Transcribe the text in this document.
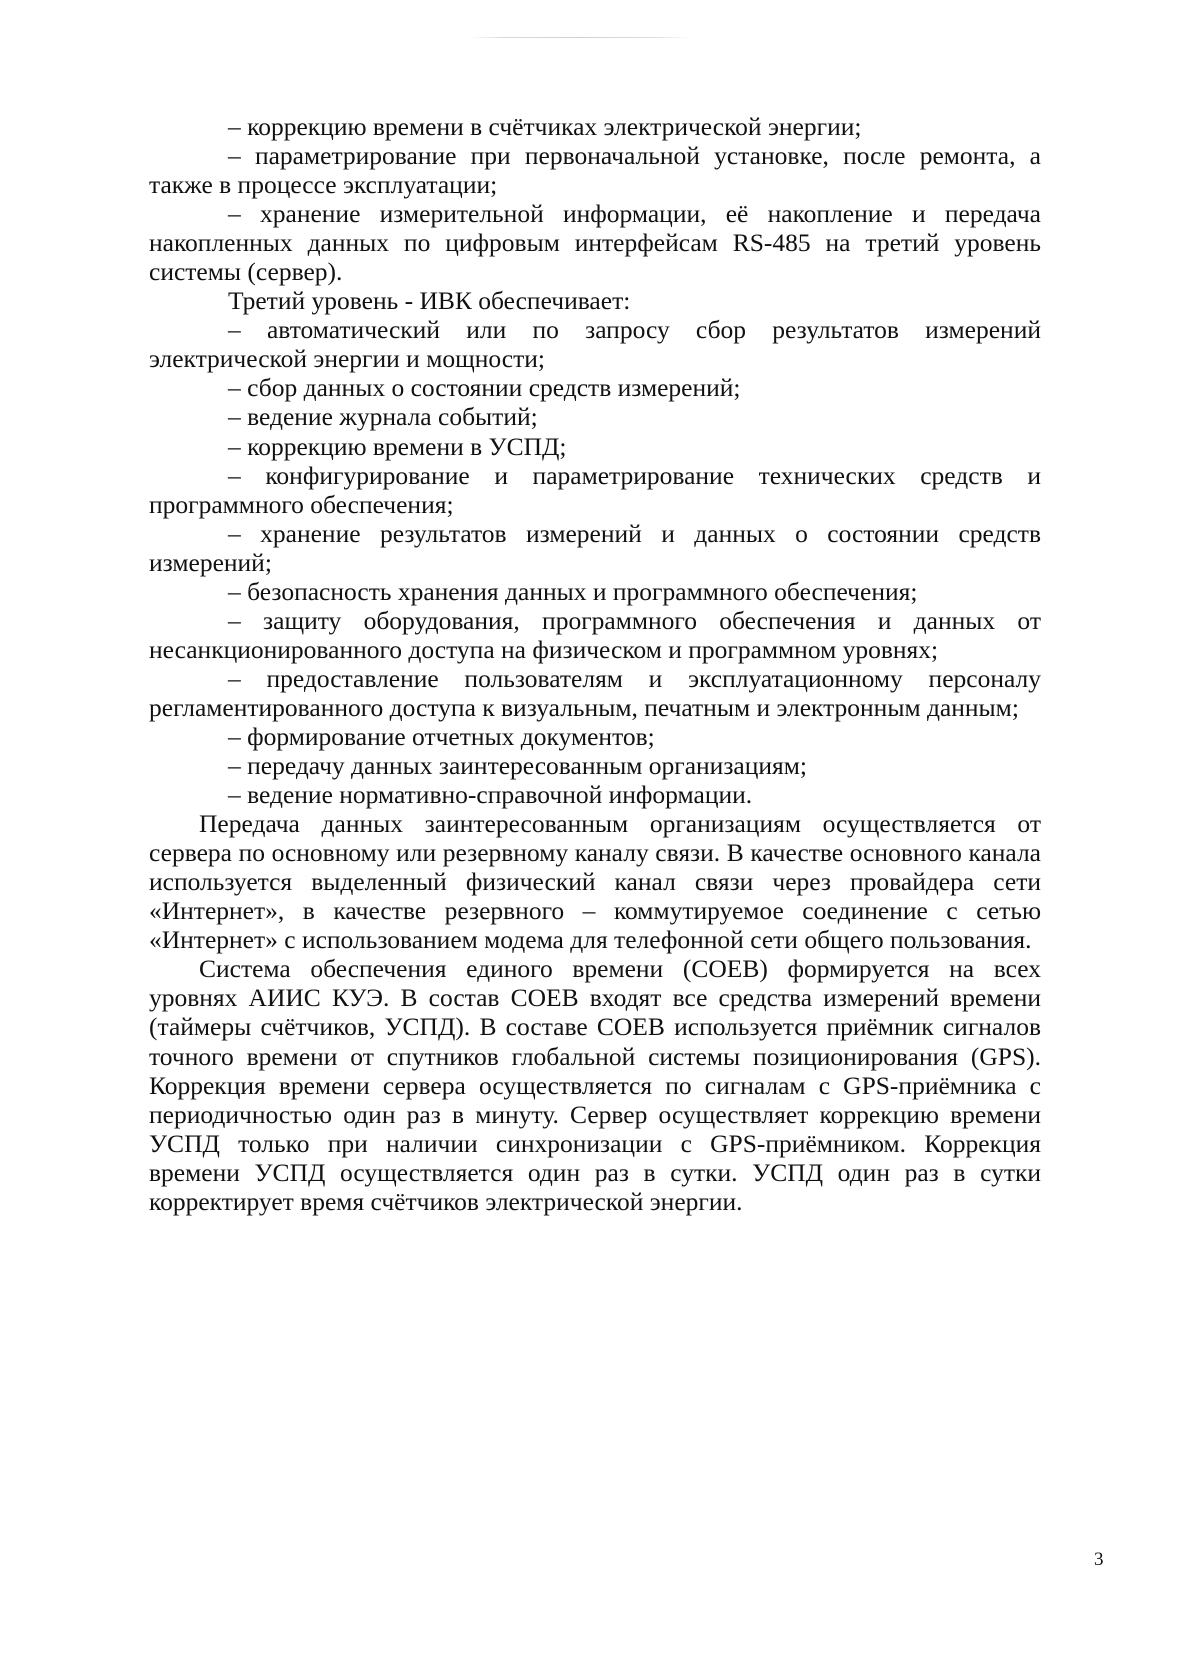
– коррекцию времени в счётчиках электрической энергии;

– параметрирование при первоначальной установке, после ремонта, а также в процессе эксплуатации;

– хранение измерительной информации, её накопление и передача накопленных данных по цифровым интерфейсам RS-485 на третий уровень системы (сервер).

Третий уровень - ИВК обеспечивает:

– автоматический или по запросу сбор результатов измерений электрической энергии и мощности;

– сбор данных о состоянии средств измерений;

– ведение журнала событий;

– коррекцию времени в УСПД;

– конфигурирование и параметрирование технических средств и программного обеспечения;

– хранение результатов измерений и данных о состоянии средств измерений;

– безопасность хранения данных и программного обеспечения;

– защиту оборудования, программного обеспечения и данных от несанкционированного доступа на физическом и программном уровнях;

– предоставление пользователям и эксплуатационному персоналу регламентированного доступа к визуальным, печатным и электронным данным;

– формирование отчетных документов;

– передачу данных заинтересованным организациям;

– ведение нормативно-справочной информации.

Передача данных заинтересованным организациям осуществляется от сервера по основному или резервному каналу связи. В качестве основного канала используется выделенный физический канал связи через провайдера сети «Интернет», в качестве резервного – коммутируемое соединение с сетью «Интернет» с использованием модема для телефонной сети общего пользования.

Система обеспечения единого времени (СОЕВ) формируется на всех уровнях АИИС КУЭ. В состав СОЕВ входят все средства измерений времени (таймеры счётчиков, УСПД). В составе СОЕВ используется приёмник сигналов точного времени от спутников глобальной системы позиционирования (GPS). Коррекция времени сервера осуществляется по сигналам с GPS-приёмника с периодичностью один раз в минуту. Сервер осуществляет коррекцию времени УСПД только при наличии синхронизации с GPS-приёмником. Коррекция времени УСПД осуществляется один раз в сутки. УСПД один раз в сутки корректирует время счётчиков электрической энергии.

3
